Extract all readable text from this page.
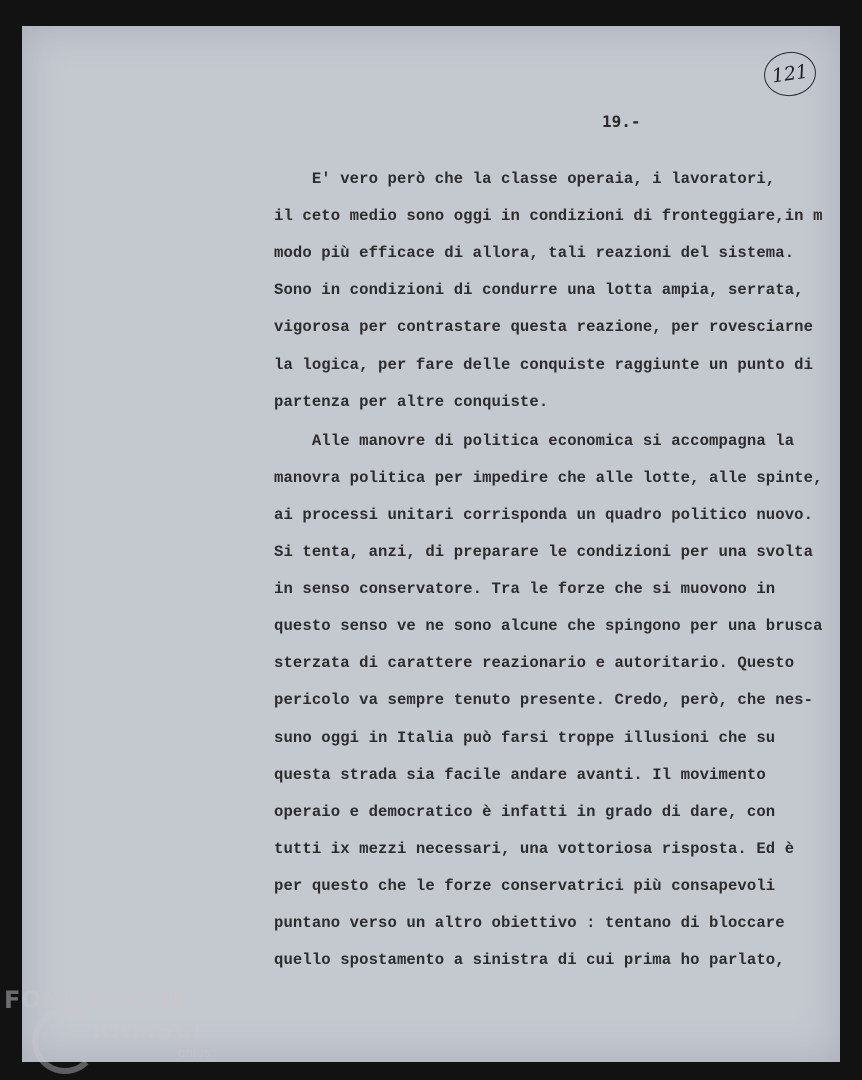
121
19.-
E' vero però che la classe operaia, i lavoratori,
il ceto medio sono oggi in condizioni di fronteggiare,in m
modo più efficace di allora, tali reazioni del sistema.
Sono in condizioni di condurre una lotta ampia, serrata,
vigorosa per contrastare questa reazione, per rovesciarne
la logica, per fare delle conquiste raggiunte un punto di
partenza per altre conquiste.
Alle manovre di politica economica si accompagna la
manovra politica per impedire che alle lotte, alle spinte,
ai processi unitari corrisponda un quadro politico nuovo.
Si tenta, anzi, di preparare le condizioni per una svolta
in senso conservatore. Tra le forze che si muovono in
questo senso ve ne sono alcune che spingono per una brusca
sterzata di carattere reazionario e autoritario. Questo
pericolo va sempre tenuto presente. Credo, però, che nes-
suno oggi in Italia può farsi troppe illusioni che su
questa strada sia facile andare avanti. Il movimento
operaio e democratico è infatti in grado di dare, con
tutti ix mezzi necessari, una vottoriosa risposta. Ed è
per questo che le forze conservatrici più consapevoli
puntano verso un altro obiettivo : tentano di bloccare
quello spostamento a sinistra di cui prima ho parlato,
FONDAZIONE
RAMSCI
onlus
